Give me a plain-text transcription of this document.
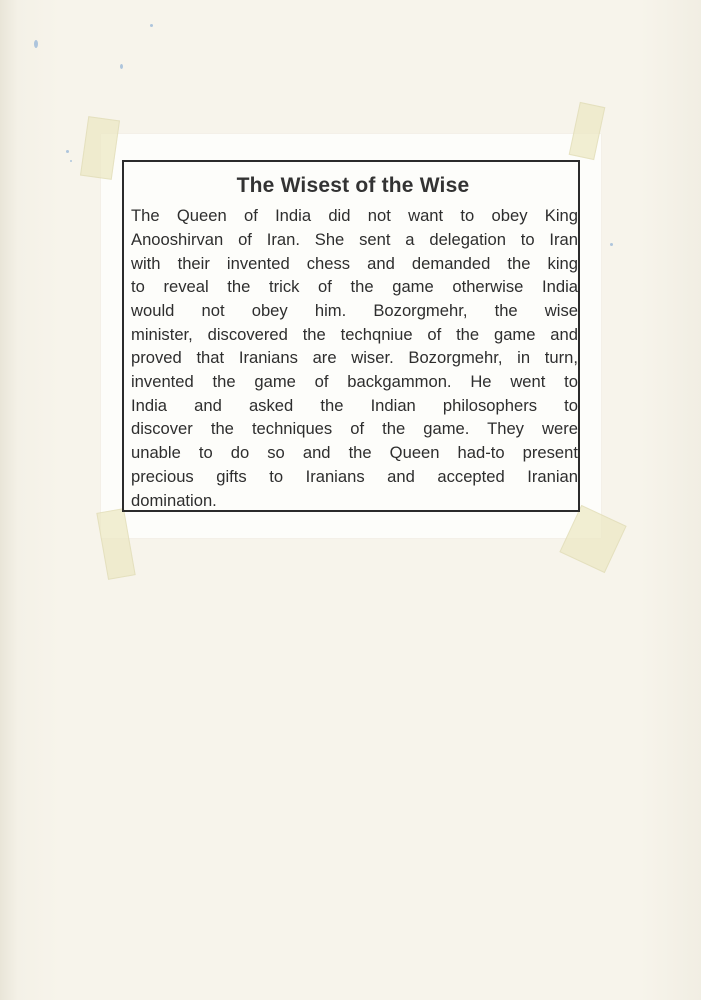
The Wisest of the Wise
The Queen of India did not want to obey King
Anooshirvan of Iran. She sent a delegation to Iran
with their invented chess and demanded the king
to reveal the trick of the game otherwise India
would not obey him. Bozorgmehr, the wise
minister, discovered the techqniue of the game and
proved that Iranians are wiser. Bozorgmehr, in turn,
invented the game of backgammon. He went to
India and asked the Indian philosophers to
discover the techniques of the game. They were
unable to do so and the Queen had-to present
precious gifts to Iranians and accepted Iranian
domination.
